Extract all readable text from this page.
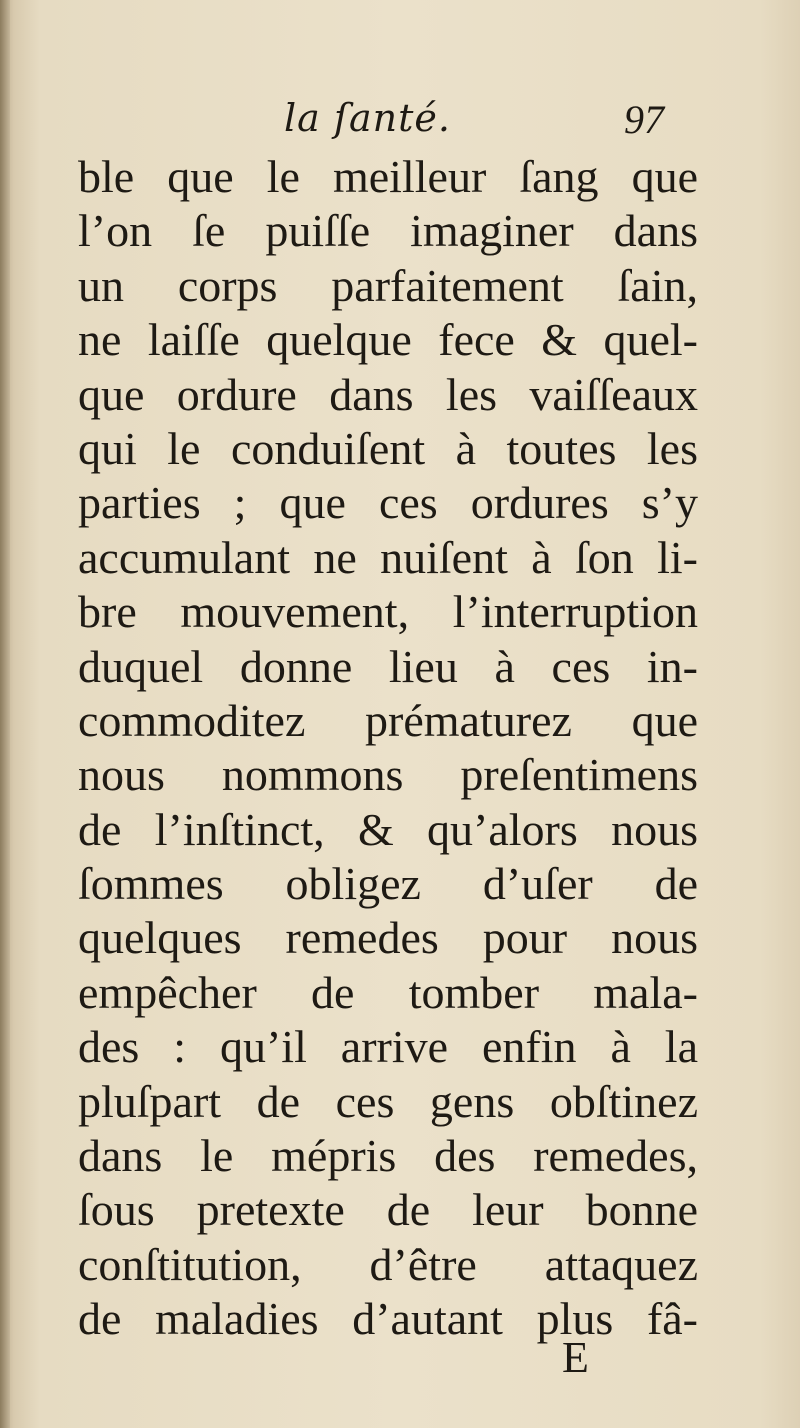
la ſanté.	97
ble que le meilleur ſang que
l’on ſe puiſſe imaginer dans
un corps parfaitement ſain,
ne laiſſe quelque fece & quel-
que ordure dans les vaiſſeaux
qui le conduiſent à toutes les
parties ; que ces ordures s’y
accumulant ne nuiſent à ſon li-
bre mouvement, l’interruption
duquel donne lieu à ces in-
commoditez prématurez que
nous nommons preſentimens
de l’inſtinct, & qu’alors nous
ſommes obligez d’uſer de
quelques remedes pour nous
empêcher de tomber mala-
des : qu’il arrive enfin à la
pluſpart de ces gens obſtinez
dans le mépris des remedes,
ſous pretexte de leur bonne
conſtitution, d’être attaquez
de maladies d’autant plus fâ-
E
